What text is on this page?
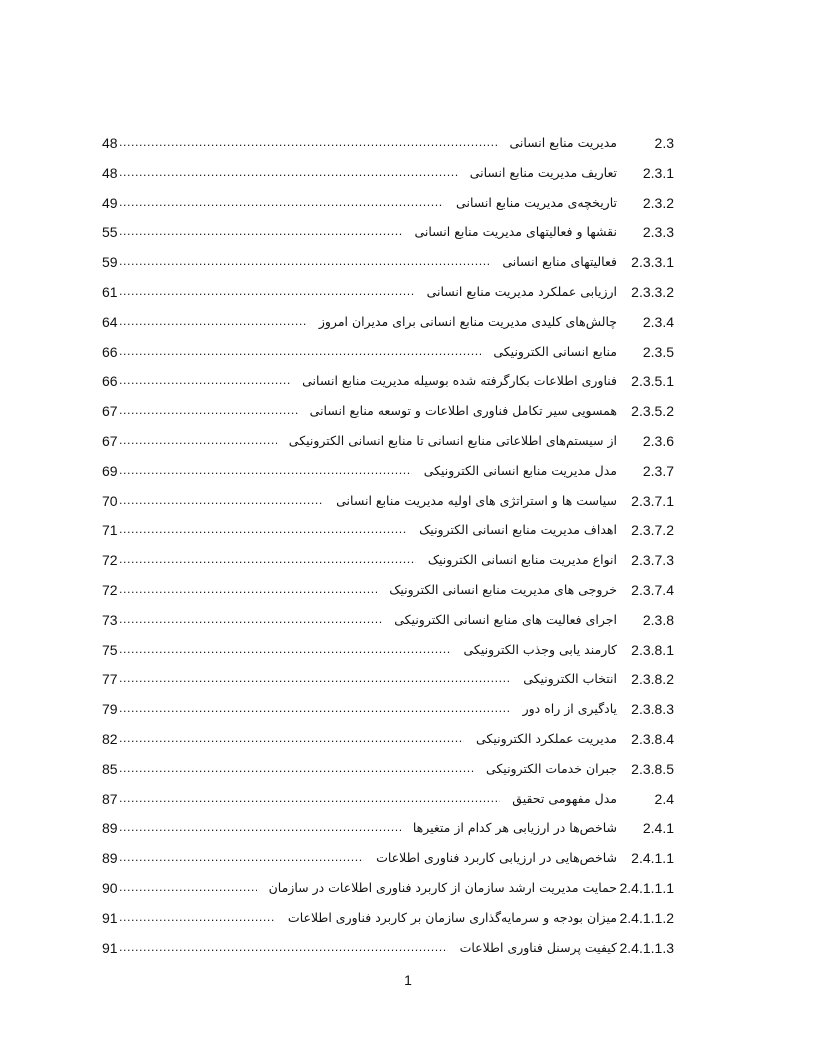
48 .....	مدیریت منابع انسانی	2.3
48 .....	تعاریف مدیریت منابع انسانی 2.3.1
49 .....	تاریخچه‌ی مدیریت منابع انسانی 2.3.2
55 .....	نقشها و فعالیتهای مدیریت منابع انسانی 2.3.3
59 .....	فعالیتهای منابع انسانی 2.3.3.1
61 .....	ارزیابی عملکرد مدیریت منابع انسانی 2.3.3.2
64 .....	چالش‌های کلیدی مدیریت منابع انسانی برای مدیران امروز 2.3.4
66 .....	منابع انسانی الکترونیکی 2.3.5
66 .....	فناوری اطلاعات بکارگرفته شده بوسیله مدیریت منابع انسانی 2.3.5.1
67 .....	همسویی سیر تکامل فناوری اطلاعات و توسعه منابع انسانی 2.3.5.2
67 .....	از سیستم‌های اطلاعاتی منابع انسانی تا منابع انسانی الکترونیکی 2.3.6
69 .....	مدل مدیریت منابع انسانی الکترونیکی 2.3.7
70 .....	سیاست ها و استراتژی های اولیه مدیریت منابع انسانی 2.3.7.1
71 .....	اهداف مدیریت منابع انسانی الکترونیک 2.3.7.2
72 .....	انواع مدیریت منابع انسانی الکترونیک 2.3.7.3
72 .....	خروجی های مدیریت منابع انسانی الکترونیک 2.3.7.4
73 .....	اجرای فعالیت های منابع انسانی الکترونیکی 2.3.8
75 .....	کارمند یابی وجذب الکترونیکی 2.3.8.1
77 .....	انتخاب الکترونیکی 2.3.8.2
79 .....	یادگیری از راه دور 2.3.8.3
82 .....	مدیریت عملکرد الکترونیکی 2.3.8.4
85 .....	جبران خدمات الکترونیکی 2.3.8.5
87 .....	مدل مفهومی تحقیق	2.4
89 .....	شاخص‌ها در ارزیابی هر کدام از متغیرها 2.4.1
89 .....	شاخص‌هایی در ارزیابی کاربرد فناوری اطلاعات 2.4.1.1
90 .....	حمایت مدیریت ارشد سازمان از کاربرد فناوری اطلاعات در سازمان 2.4.1.1.1
91 .....	میزان بودجه و سرمایه‌گذاری سازمان بر کاربرد فناوری اطلاعات 2.4.1.1.2
91 .....	کیفیت پرسنل فناوری اطلاعات 2.4.1.1.3
1
